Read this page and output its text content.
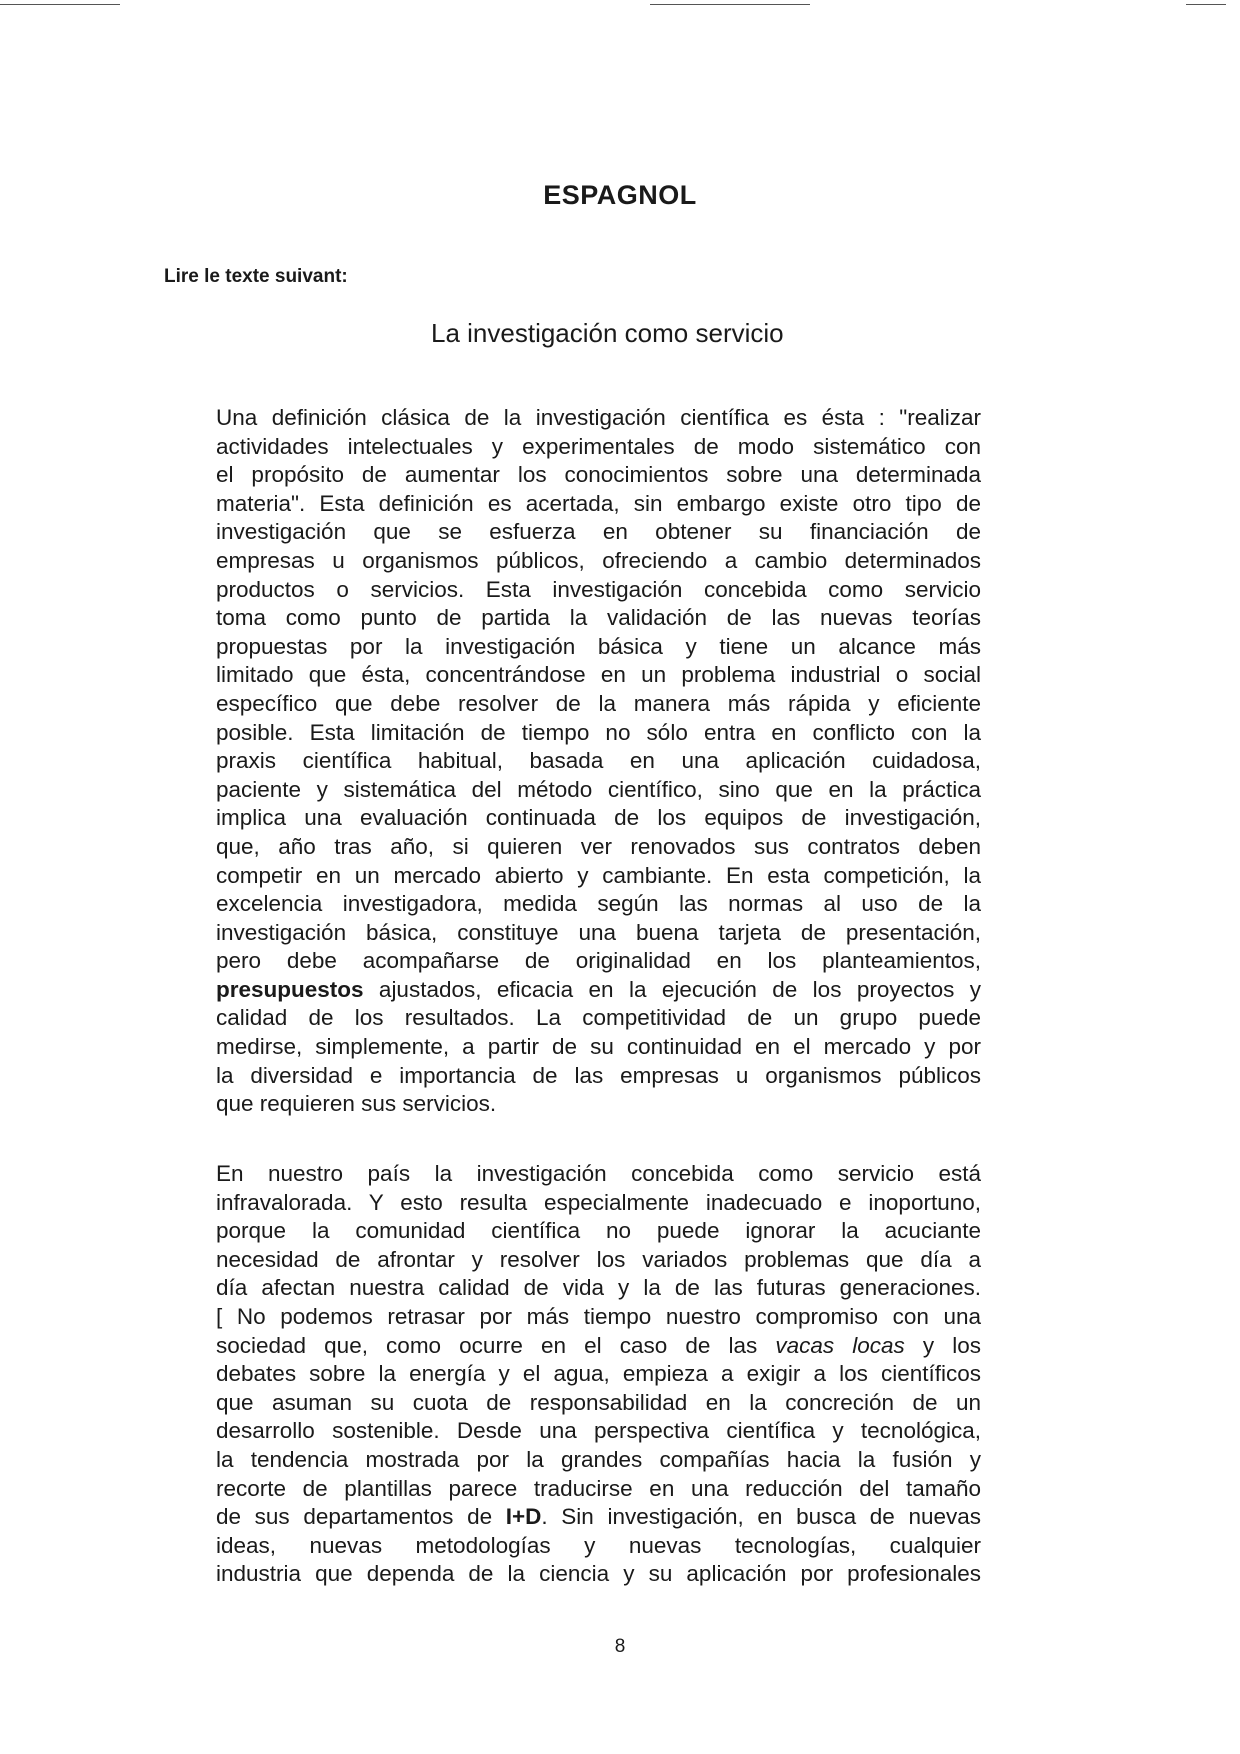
ESPAGNOL
Lire le texte suivant:
La investigación como servicio
Una definición clásica de la investigación científica es ésta : "realizar
actividades intelectuales y experimentales de modo sistemático con
el propósito de aumentar los conocimientos sobre una determinada
materia". Esta definición es acertada, sin embargo existe otro tipo de
investigación que se esfuerza en obtener su financiación de
empresas u organismos públicos, ofreciendo a cambio determinados
productos o servicios. Esta investigación concebida como servicio
toma como punto de partida la validación de las nuevas teorías
propuestas por la investigación básica y tiene un alcance más
limitado que ésta, concentrándose en un problema industrial o social
específico que debe resolver de la manera más rápida y eficiente
posible. Esta limitación de tiempo no sólo entra en conflicto con la
praxis científica habitual, basada en una aplicación cuidadosa,
paciente y sistemática del método científico, sino que en la práctica
implica una evaluación continuada de los equipos de investigación,
que, año tras año, si quieren ver renovados sus contratos deben
competir en un mercado abierto y cambiante. En esta competición, la
excelencia investigadora, medida según las normas al uso de la
investigación básica, constituye una buena tarjeta de presentación,
pero debe acompañarse de originalidad en los planteamientos,
presupuestos ajustados, eficacia en la ejecución de los proyectos y
calidad de los resultados. La competitividad de un grupo puede
medirse, simplemente, a partir de su continuidad en el mercado y por
la diversidad e importancia de las empresas u organismos públicos
que requieren sus servicios.
En nuestro país la investigación concebida como servicio está
infravalorada. Y esto resulta especialmente inadecuado e inoportuno,
porque la comunidad científica no puede ignorar la acuciante
necesidad de afrontar y resolver los variados problemas que día a
día afectan nuestra calidad de vida y la de las futuras generaciones.
[ No podemos retrasar por más tiempo nuestro compromiso con una
sociedad que, como ocurre en el caso de las vacas locas y los
debates sobre la energía y el agua, empieza a exigir a los científicos
que asuman su cuota de responsabilidad en la concreción de un
desarrollo sostenible. Desde una perspectiva científica y tecnológica,
la tendencia mostrada por la grandes compañías hacia la fusión y
recorte de plantillas parece traducirse en una reducción del tamaño
de sus departamentos de I+D. Sin investigación, en busca de nuevas
ideas, nuevas metodologías y nuevas tecnologías, cualquier
industria que dependa de la ciencia y su aplicación por profesionales
8
